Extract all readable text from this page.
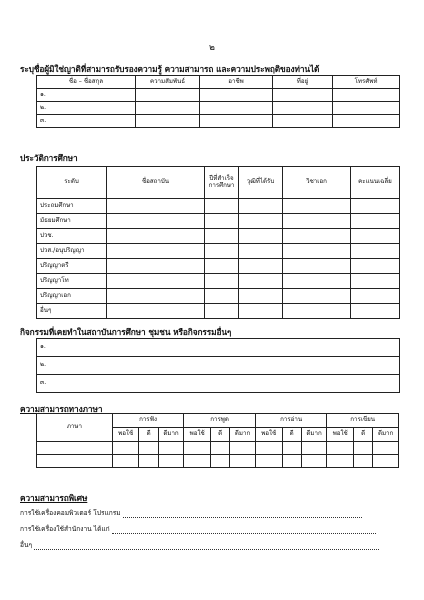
๒
ระบุชื่อผู้มิใช่ญาติที่สามารถรับรองความรู้ ความสามารถ และความประพฤติของท่านได้
ชื่อ – ชื่อสกุล	ความสัมพันธ์	อาชีพ	ที่อยู่	โทรศัพท์
๑.				
๒.				
๓.				
ประวัติการศึกษา
ระดับ	ชื่อสถาบัน	ปีที่สำเร็จการศึกษา	วุฒิที่ได้รับ	วิชาเอก	คะแนนเฉลี่ย
ประถมศึกษา					
มัธยมศึกษา					
ปวช.					
ปวส./อนุปริญญา					
ปริญญาตรี					
ปริญญาโท					
ปริญญาเอก					
อื่นๆ					
กิจกรรมที่เคยทำในสถาบันการศึกษา ชุมชน หรือกิจกรรมอื่นๆ
๑.
๒.
๓.
ความสามารถทางภาษา
ภาษา	การฟัง			การพูด			การอ่าน			การเขียน		
	พอใช้	ดี	ดีมาก	พอใช้	ดี	ดีมาก	พอใช้	ดี	ดีมาก	พอใช้	ดี	ดีมาก

ความสามารถพิเศษ
การใช้เครื่องคอมพิวเตอร์ โปรแกรม
การใช้เครื่องใช้สำนักงาน ได้แก่
อื่นๆ
